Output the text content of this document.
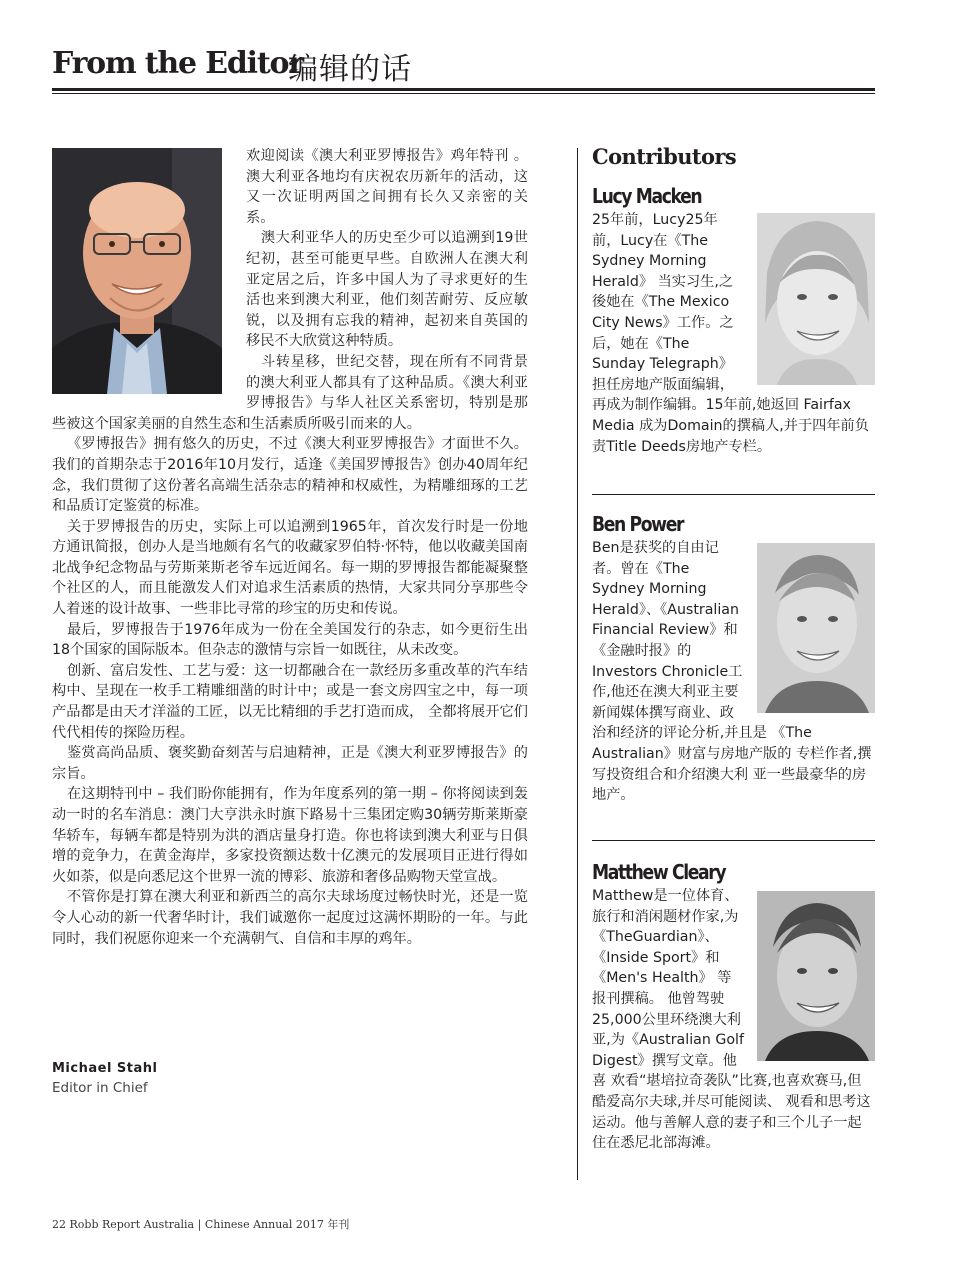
From the Editor
编辑的话

欢迎阅读《澳大利亚罗博报告》鸡年特刊 。澳大利亚各地均有庆祝农历新年的活动，这又一次证明两国之间拥有长久又亲密的关系。

澳大利亚华人的历史至少可以追溯到19世纪初，甚至可能更早些。自欧洲人在澳大利亚定居之后，许多中国人为了寻求更好的生活也来到澳大利亚，他们刻苦耐劳、反应敏锐，以及拥有忘我的精神，起初来自英国的移民不大欣赏这种特质。

斗转星移，世纪交替，现在所有不同背景的澳大利亚人都具有了这种品质。《澳大利亚罗博报告》与华人社区关系密切，特别是那些被这个国家美丽的自然生态和生活素质所吸引而来的人。

《罗博报告》拥有悠久的历史，不过《澳大利亚罗博报告》才面世不久。我们的首期杂志于2016年10月发行，适逢《美国罗博报告》创办40周年纪念，我们贯彻了这份著名高端生活杂志的精神和权威性，为精雕细琢的工艺和品质订定鉴赏的标准。

关于罗博报告的历史，实际上可以追溯到1965年，首次发行时是一份地方通讯简报，创办人是当地颇有名气的收藏家罗伯特·怀特，他以收藏美国南北战争纪念物品与劳斯莱斯老爷车远近闻名。每一期的罗博报告都能凝聚整个社区的人，而且能激发人们对追求生活素质的热情，大家共同分享那些令人着迷的设计故事、一些非比寻常的珍宝的历史和传说。

最后，罗博报告于1976年成为一份在全美国发行的杂志，如今更衍生出18个国家的国际版本。但杂志的激情与宗旨一如既往，从未改变。

创新、富启发性、工艺与爱：这一切都融合在一款经历多重改革的汽车结构中、呈现在一枚手工精雕细凿的时计中；或是一套文房四宝之中，每一项产品都是由天才洋溢的工匠，以无比精细的手艺打造而成， 全都将展开它们代代相传的探险历程。

鉴赏高尚品质、褒奖勤奋刻苦与启迪精神，正是《澳大利亚罗博报告》的宗旨。

在这期特刊中 – 我们盼你能拥有，作为年度系列的第一期 – 你将阅读到轰动一时的名车消息：澳门大亨洪永时旗下路易十三集团定购30辆劳斯莱斯豪华轿车，每辆车都是特别为洪的酒店量身打造。你也将读到澳大利亚与日俱增的竞争力，在黄金海岸，多家投资额达数十亿澳元的发展项目正进行得如火如荼，似是向悉尼这个世界一流的博彩、旅游和奢侈品购物天堂宣战。

不管你是打算在澳大利亚和新西兰的高尔夫球场度过畅快时光，还是一览令人心动的新一代奢华时计，我们诚邀你一起度过这满怀期盼的一年。与此同时，我们祝愿你迎来一个充满朝气、自信和丰厚的鸡年。

Michael Stahl
Editor in Chief
Contributors
Lucy Macken
25年前，Lucy25年前，Lucy在《The Sydney Morning Herald》 当实习生,之後她在《The Mexico City News》工作。之后，她在《The Sunday Telegraph》担任房地产版面编辑，再成为制作编辑。15年前,她返回 Fairfax Media 成为Domain的撰稿人,并于四年前负责Title Deeds房地产专栏。
Ben Power
Ben是获奖的自由记者。曾在《The Sydney Morning Herald》、《Australian Financial Review》和《金融时报》的 Investors Chronicle工作,他还在澳大利亚主要新闻媒体撰写商业、政治和经济的评论分析,并且是 《The Australian》财富与房地产版的 专栏作者,撰写投资组合和介绍澳大利 亚一些最豪华的房地产。
Matthew Cleary
Matthew是一位体育、旅行和消闲题材作家,为《TheGuardian》、《Inside Sport》和《Men's Health》 等报刊撰稿。 他曾驾驶25,000公里环绕澳大利亚,为《Australian Golf Digest》撰写文章。他喜 欢看“堪培拉奇袭队”比赛,也喜欢赛马,但酷爱高尔夫球,并尽可能阅读、 观看和思考这运动。他与善解人意的妻子和三个儿子一起住在悉尼北部海滩。
22 Robb Report Australia | Chinese Annual 2017 年刊
